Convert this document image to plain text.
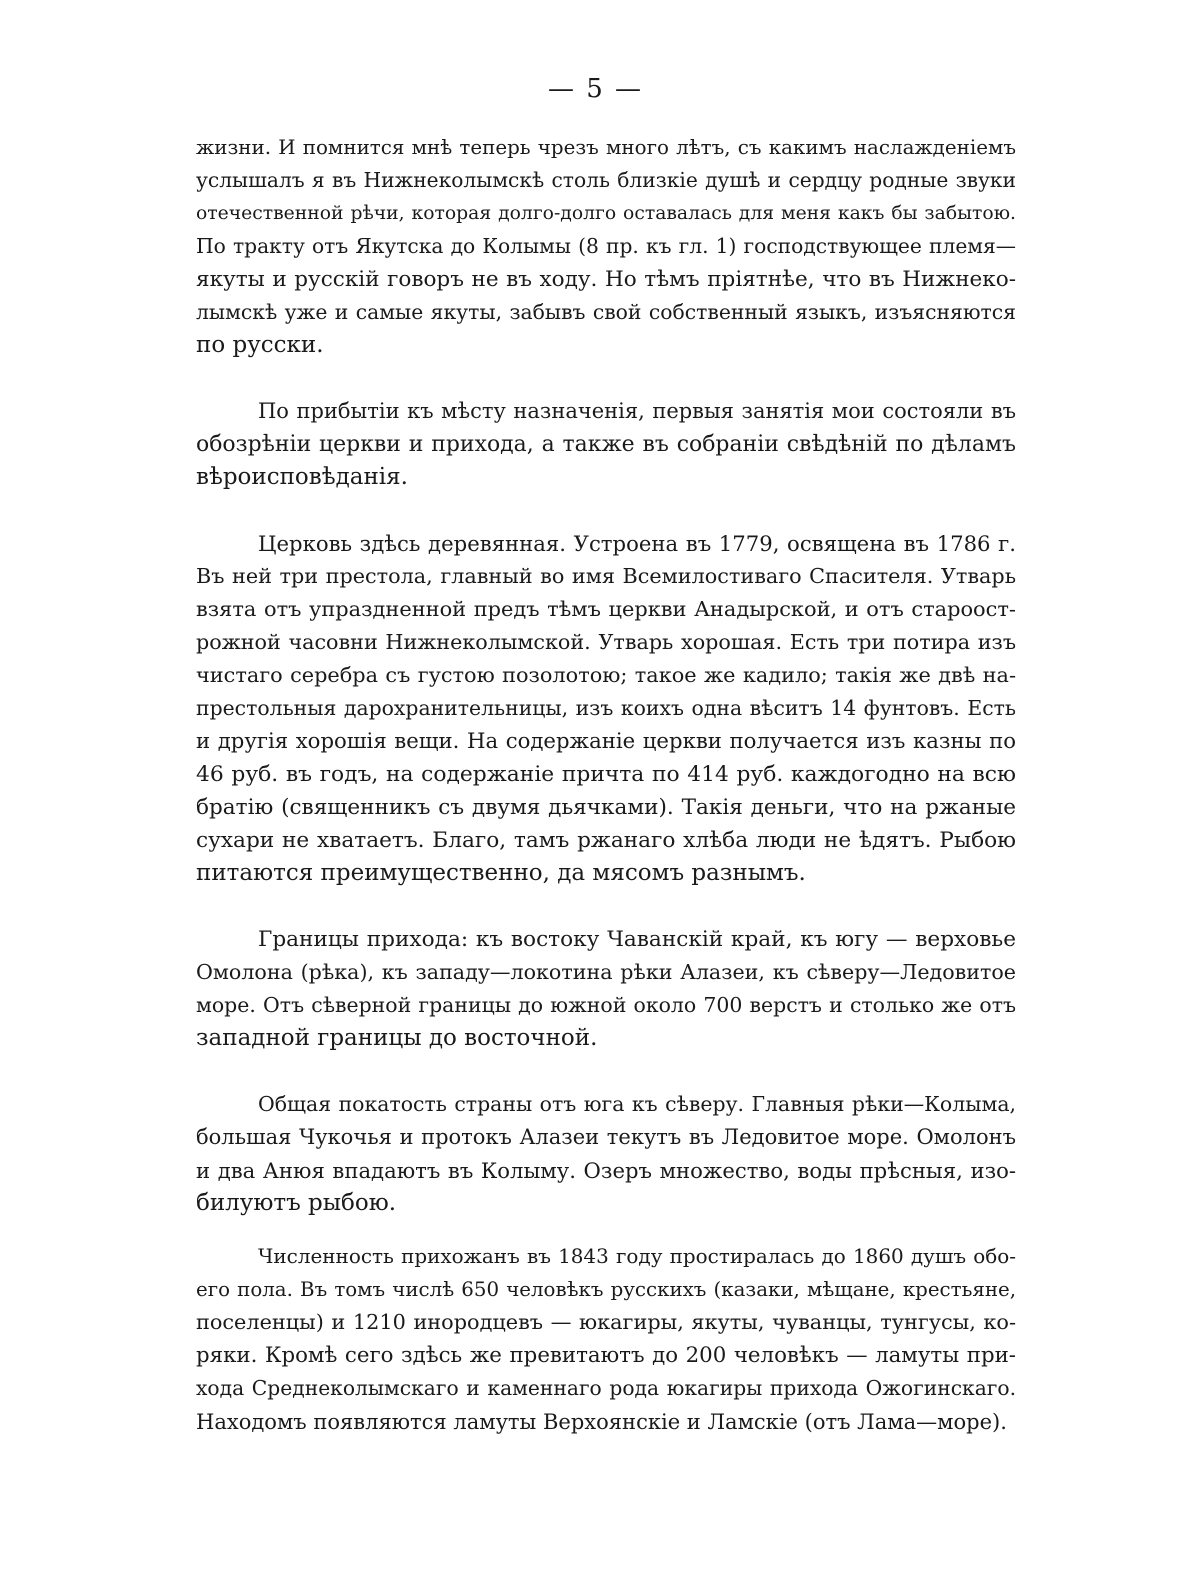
— 5 —
жизни. И помнится мнѣ теперь чрезъ много лѣтъ, съ какимъ наслажденіемъ
услышалъ я въ Нижнеколымскѣ столь близкіе душѣ и сердцу родные звуки
отечественной рѣчи, которая долго-долго оставалась для меня какъ бы забытою.
По тракту отъ Якутска до Колымы (8 пр. къ гл. 1) господствующее племя—
якуты и русскій говоръ не въ ходу. Но тѣмъ пріятнѣе, что въ Нижнеко-
лымскѣ уже и самые якуты, забывъ свой собственный языкъ, изъясняются
по русски.
По прибытіи къ мѣсту назначенія, первыя занятія мои состояли въ
обозрѣніи церкви и прихода, а также въ собраніи свѣдѣній по дѣламъ
вѣроисповѣданія.
Церковь здѣсь деревянная. Устроена въ 1779, освящена въ 1786 г.
Въ ней три престола, главный во имя Всемилостиваго Спасителя. Утварь
взята отъ упраздненной предъ тѣмъ церкви Анадырской, и отъ староост-
рожной часовни Нижнеколымской. Утварь хорошая. Есть три потира изъ
чистаго серебра съ густою позолотою; такое же кадило; такія же двѣ на-
престольныя дарохранительницы, изъ коихъ одна вѣситъ 14 фунтовъ. Есть
и другія хорошія вещи. На содержаніе церкви получается изъ казны по
46 руб. въ годъ, на содержаніе причта по 414 руб. каждогодно на всю
братію (священникъ съ двумя дьячками). Такія деньги, что на ржаные
сухари не хватаетъ. Благо, тамъ ржанаго хлѣба люди не ѣдятъ. Рыбою
питаются преимущественно, да мясомъ разнымъ.
Границы прихода: къ востоку Чаванскій край, къ югу — верховье
Омолона (рѣка), къ западу—локотина рѣки Алазеи, къ сѣверу—Ледовитое
море. Отъ сѣверной границы до южной около 700 верстъ и столько же отъ
западной границы до восточной.
Общая покатость страны отъ юга къ сѣверу. Главныя рѣки—Колыма,
большая Чукочья и протокъ Алазеи текутъ въ Ледовитое море. Омолонъ
и два Анюя впадаютъ въ Колыму. Озеръ множество, воды прѣсныя, изо-
билуютъ рыбою.
Численность прихожанъ въ 1843 году простиралась до 1860 душъ обо-
его пола. Въ томъ числѣ 650 человѣкъ русскихъ (казаки, мѣщане, крестьяне,
поселенцы) и 1210 инородцевъ — юкагиры, якуты, чуванцы, тунгусы, ко-
ряки. Кромѣ сего здѣсь же превитаютъ до 200 человѣкъ — ламуты при-
хода Среднеколымскаго и каменнаго рода юкагиры прихода Ожогинскаго.
Находомъ появляются ламуты Верхоянскіе и Ламскіе (отъ Лама—море).
